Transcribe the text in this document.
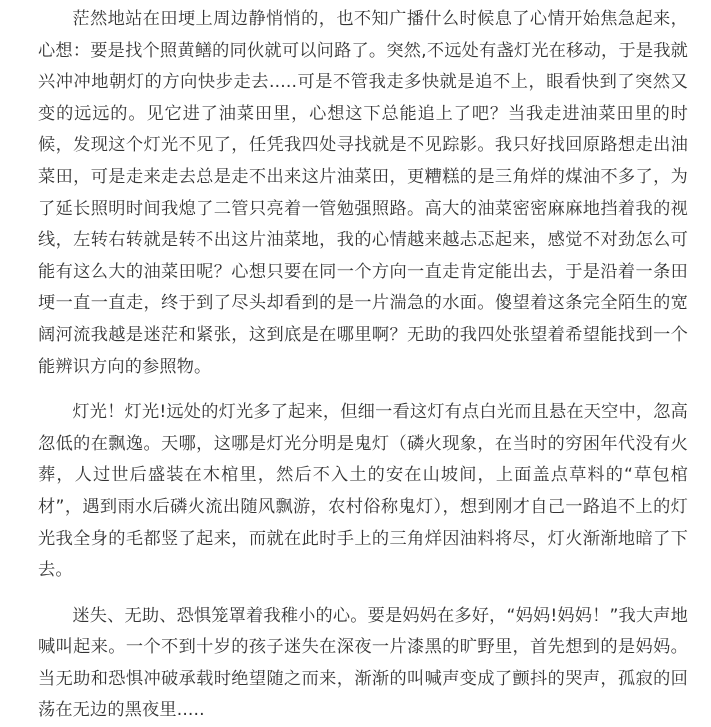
茫然地站在田埂上周边静悄悄的，也不知广播什么时候息了心情开始焦急起来，心想：要是找个照黄鳝的同伙就可以问路了。突然,不远处有盏灯光在移动，于是我就兴冲冲地朝灯的方向快步走去.....可是不管我走多快就是追不上，眼看快到了突然又变的远远的。见它进了油菜田里，心想这下总能追上了吧？当我走进油菜田里的时候，发现这个灯光不见了，任凭我四处寻找就是不见踪影。我只好找回原路想走出油菜田，可是走来走去总是走不出来这片油菜田，更糟糕的是三角烊的煤油不多了，为了延长照明时间我熄了二管只亮着一管勉强照路。高大的油菜密密麻麻地挡着我的视线，左转右转就是转不出这片油菜地，我的心情越来越忐忑起来，感觉不对劲怎么可能有这么大的油菜田呢？心想只要在同一个方向一直走肯定能出去，于是沿着一条田埂一直一直走，终于到了尽头却看到的是一片湍急的水面。傻望着这条完全陌生的宽阔河流我越是迷茫和紧张，这到底是在哪里啊？无助的我四处张望着希望能找到一个能辨识方向的参照物。

灯光！灯光!远处的灯光多了起来，但细一看这灯有点白光而且悬在天空中，忽高忽低的在飘逸。天哪，这哪是灯光分明是鬼灯（磷火现象，在当时的穷困年代没有火葬，人过世后盛装在木棺里，然后不入土的安在山坡间，上面盖点草料的“草包棺材”，遇到雨水后磷火流出随风飘游，农村俗称鬼灯），想到刚才自己一路追不上的灯光我全身的毛都竖了起来，而就在此时手上的三角烊因油料将尽，灯火渐渐地暗了下去。

迷失、无助、恐惧笼罩着我稚小的心。要是妈妈在多好，“妈妈!妈妈！”我大声地喊叫起来。一个不到十岁的孩子迷失在深夜一片漆黑的旷野里，首先想到的是妈妈。当无助和恐惧冲破承载时绝望随之而来，渐渐的叫喊声变成了颤抖的哭声，孤寂的回荡在无边的黑夜里.....
